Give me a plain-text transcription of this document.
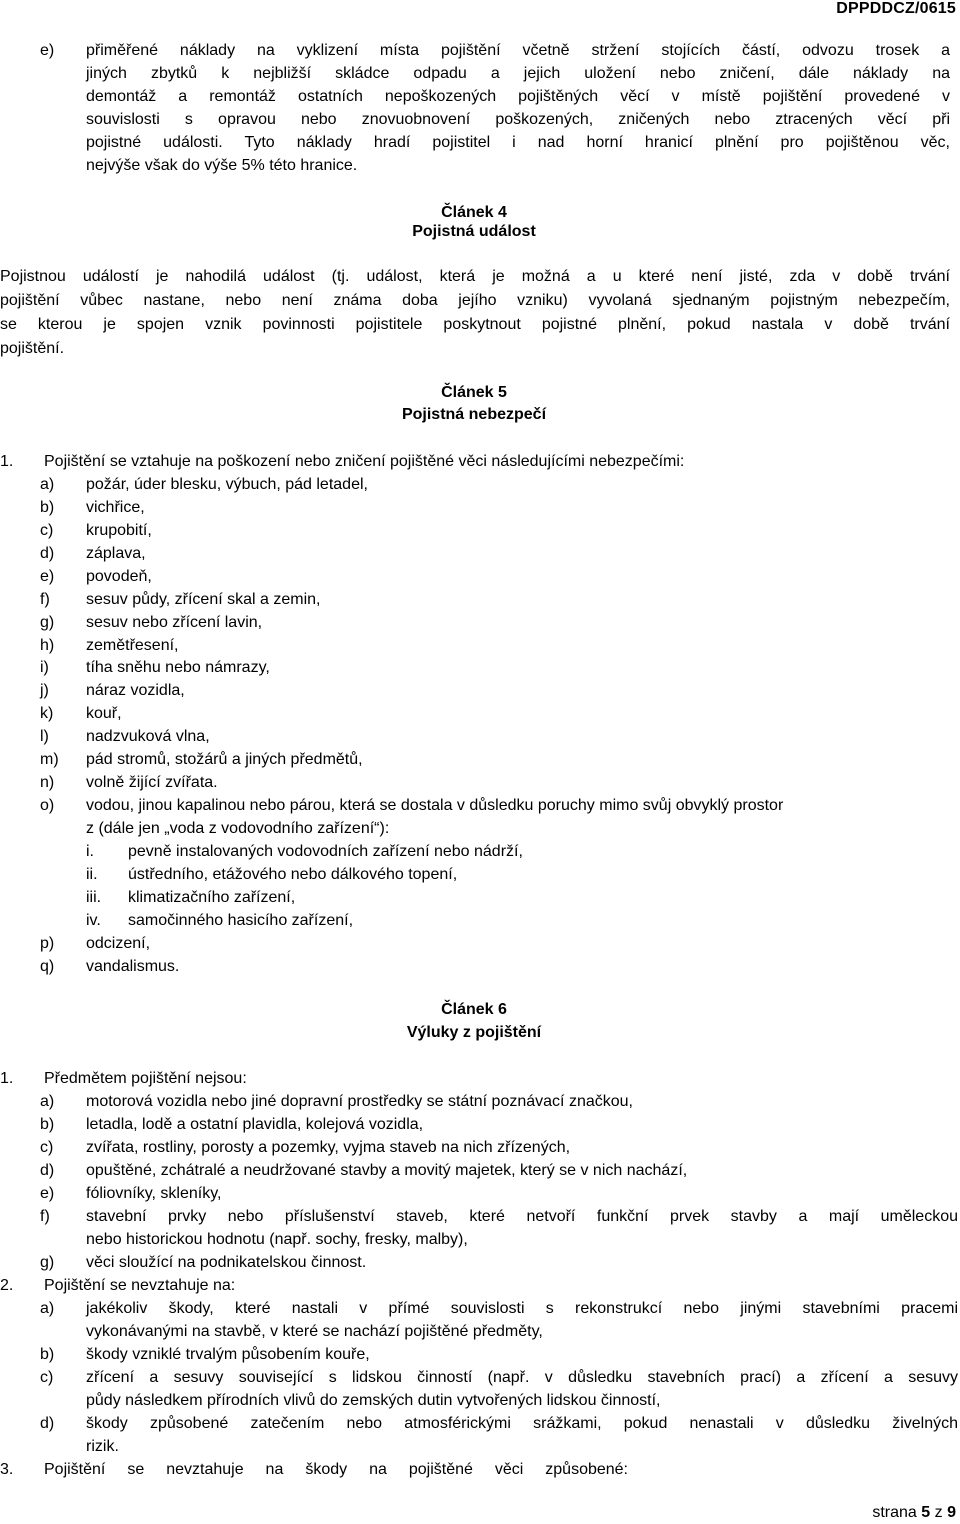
DPPDDCZ/0615
e) přiměřené náklady na vyklizení místa pojištění včetně stržení stojících částí, odvozu trosek a
jiných zbytků k nejbližší skládce odpadu a jejich uložení nebo zničení, dále náklady na
demontáž a remontáž ostatních nepoškozených pojištěných věcí v místě pojištění provedené v
souvislosti s opravou nebo znovuobnovení poškozených, zničených nebo ztracených věcí při
pojistné události. Tyto náklady hradí pojistitel i nad horní hranicí plnění pro pojištěnou věc,
nejvýše však do výše 5% této hranice.
Článek 4
Pojistná událost
Pojistnou událostí je nahodilá událost (tj. událost, která je možná a u které není jisté, zda v době trvání
pojištění vůbec nastane, nebo není známa doba jejího vzniku) vyvolaná sjednaným pojistným nebezpečím,
se kterou je spojen vznik povinnosti pojistitele poskytnout pojistné plnění, pokud nastala v době trvání
pojištění.
Článek 5
Pojistná nebezpečí
1. Pojištění se vztahuje na poškození nebo zničení pojištěné věci následujícími nebezpečími:
a) požár, úder blesku, výbuch, pád letadel,
b) vichřice,
c) krupobití,
d) záplava,
e) povodeň,
f) sesuv půdy, zřícení skal a zemin,
g) sesuv nebo zřícení lavin,
h) zemětřesení,
i) tíha sněhu nebo námrazy,
j) náraz vozidla,
k) kouř,
l) nadzvuková vlna,
m) pád stromů, stožárů a jiných předmětů,
n) volně žijící zvířata.
o) vodou, jinou kapalinou nebo párou, která se dostala v důsledku poruchy mimo svůj obvyklý prostor
z (dále jen „voda z vodovodního zařízení“):
i. pevně instalovaných vodovodních zařízení nebo nádrží,
ii. ústředního, etážového nebo dálkového topení,
iii. klimatizačního zařízení,
iv. samočinného hasicího zařízení,
p) odcizení,
q) vandalismus.
Článek 6
Výluky z pojištění
1. Předmětem pojištění nejsou:
a) motorová vozidla nebo jiné dopravní prostředky se státní poznávací značkou,
b) letadla, lodě a ostatní plavidla, kolejová vozidla,
c) zvířata, rostliny, porosty a pozemky, vyjma staveb na nich zřízených,
d) opuštěné, zchátralé a neudržované stavby a movitý majetek, který se v nich nachází,
e) fóliovníky, skleníky,
f) stavební prvky nebo příslušenství staveb, které netvoří funkční prvek stavby a mají uměleckou
nebo historickou hodnotu (např. sochy, fresky, malby),
g) věci sloužící na podnikatelskou činnost.
2. Pojištění se nevztahuje na:
a) jakékoliv škody, které nastali v přímé souvislosti s rekonstrukcí nebo jinými stavebními pracemi
vykonávanými na stavbě, v které se nachází pojištěné předměty,
b) škody vzniklé trvalým působením kouře,
c) zřícení a sesuvy související s lidskou činností (např. v důsledku stavebních prací) a zřícení a sesuvy
půdy následkem přírodních vlivů do zemských dutin vytvořených lidskou činností,
d) škody způsobené zatečením nebo atmosférickými srážkami, pokud nenastali v důsledku živelných
rizik.
3. Pojištění se nevztahuje na škody na pojištěné věci způsobené:
strana 5 z 9
